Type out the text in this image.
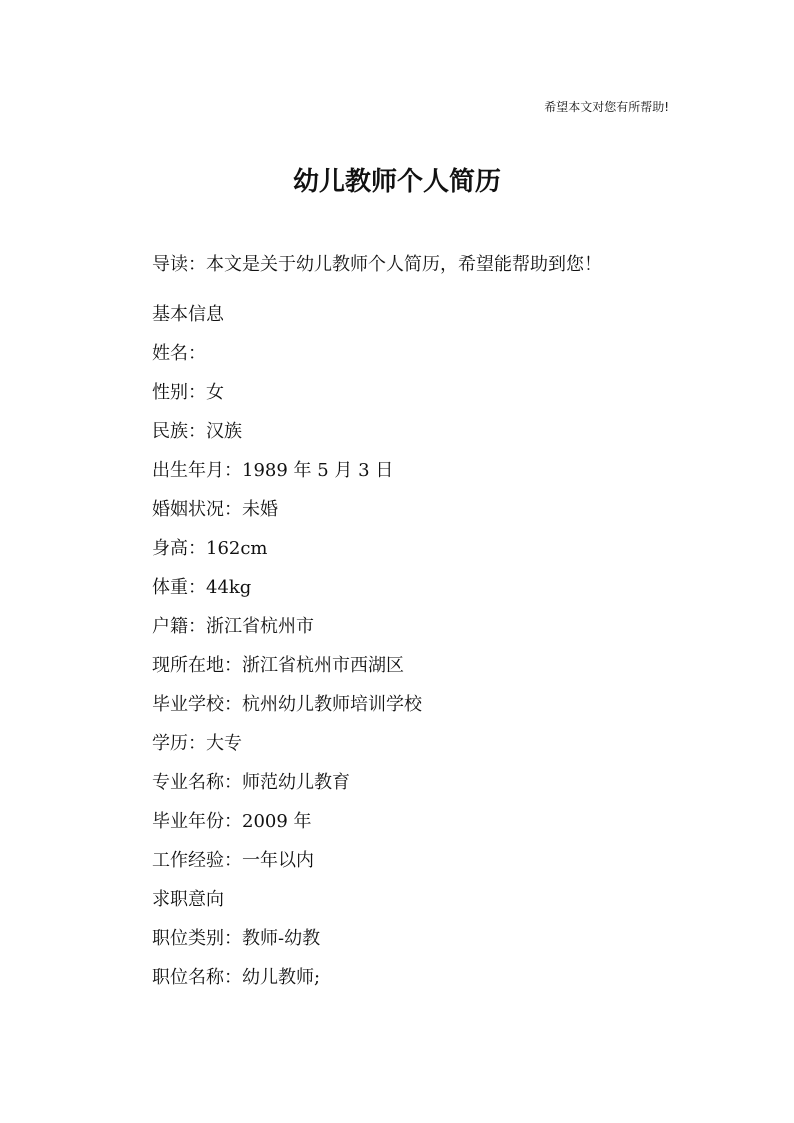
希望本文对您有所帮助!
幼儿教师个人简历
导读：本文是关于幼儿教师个人简历，希望能帮助到您！
基本信息
姓名：
性别：女
民族：汉族
出生年月：1989 年 5 月 3 日
婚姻状况：未婚
身高：162cm
体重：44kg
户籍：浙江省杭州市
现所在地：浙江省杭州市西湖区
毕业学校：杭州幼儿教师培训学校
学历：大专
专业名称：师范幼儿教育
毕业年份：2009 年
工作经验：一年以内
求职意向
职位类别：教师-幼教
职位名称：幼儿教师;
